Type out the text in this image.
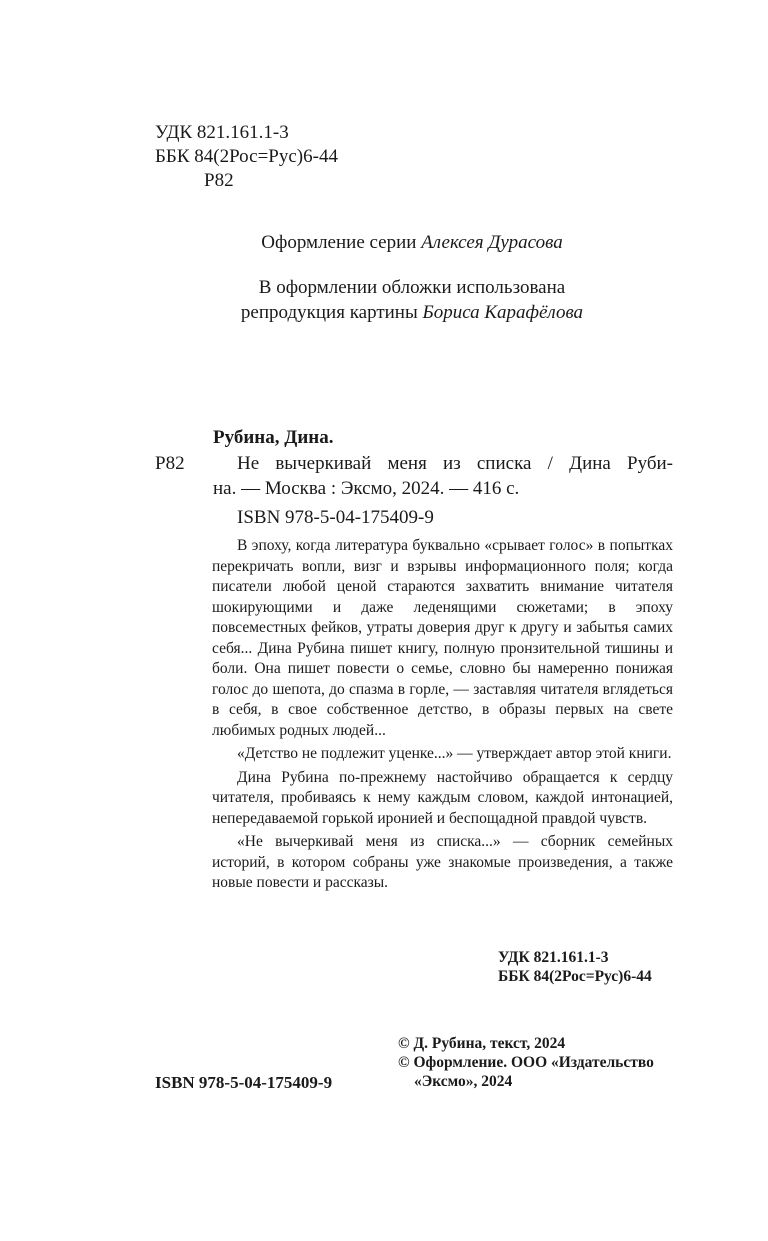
УДК 821.161.1-3
ББК 84(2Рос=Рус)6-44
Р82
Оформление серии Алексея Дурасова
В оформлении обложки использована
репродукция картины Бориса Карафёлова
Рубина, Дина.
Р82	Не вычеркивай меня из списка / Дина Руби-
на. — Москва : Эксмо, 2024. — 416 с.
ISBN 978-5-04-175409-9

В эпоху, когда литература буквально «срывает голос» в попытках перекричать вопли, визг и взрывы информационного поля; когда писатели любой ценой стараются захватить внимание читателя шокирующими и даже леденящими сюжетами; в эпоху повсеместных фейков, утраты доверия друг к другу и забытья самих себя... Дина Рубина пишет книгу, полную пронзительной тишины и боли. Она пишет повести о семье, словно бы намеренно понижая голос до шепота, до спазма в горле, — заставляя читателя вглядеться в себя, в свое собственное детство, в образы первых на свете любимых родных людей...

«Детство не подлежит уценке...» — утверждает автор этой книги.

Дина Рубина по-прежнему настойчиво обращается к сердцу читателя, пробиваясь к нему каждым словом, каждой интонацией, непередаваемой горькой иронией и беспощадной правдой чувств.

«Не вычеркивай меня из списка...» — сборник семейных историй, в котором собраны уже знакомые произведения, а также новые повести и рассказы.

УДК 821.161.1-3
ББК 84(2Рос=Рус)6-44
© Д. Рубина, текст, 2024
© Оформление. ООО «Издательство
«Эксмо», 2024
ISBN 978-5-04-175409-9
